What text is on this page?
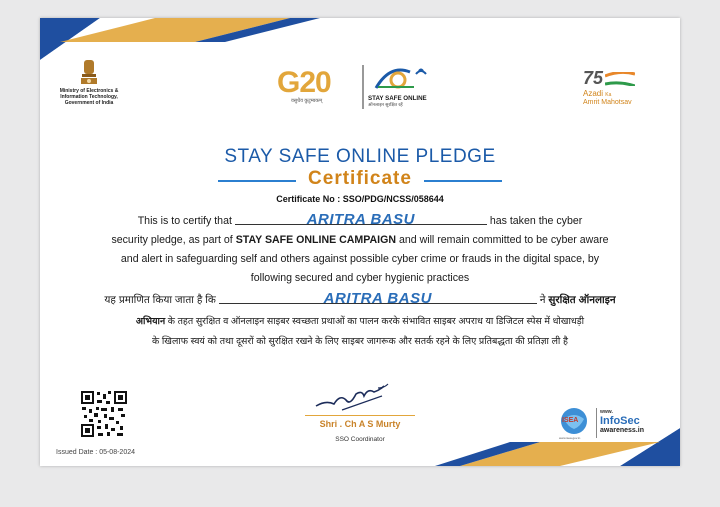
Ministry of Electronics &
Information Technology,
Government of India
G20
वसुधैव कुटुम्बकम्	STAY SAFE ONLINE
ऑनलाइन सुरक्षित रहें
75
Azadi Ka
Amrit Mahotsav
STAY SAFE ONLINE PLEDGE
Certificate
Certificate No : SSO/PDG/NCSS/058644
This is to certify that	ARITRA BASU	has taken the cyber
security pledge, as part of STAY SAFE ONLINE CAMPAIGN and will remain committed to be cyber aware
and alert in safeguarding self and others against possible cyber crime or frauds in the digital space, by
following secured and cyber hygienic practices
यह प्रमाणित किया जाता है कि	ARITRA BASU	ने सुरक्षित ऑनलाइन
अभियान के तहत सुरक्षित व ऑनलाइन साइबर स्वच्छता प्रथाओं का पालन करके संभावित साइबर अपराध या डिजिटल स्पेस में धोखाधड़ी
के खिलाफ स्वयं को तथा दूसरों को सुरक्षित रखने के लिए साइबर जागरूक और सतर्क रहने के लिए प्रतिबद्धता की प्रतिज्ञा ली है
Issued Date : 05-08-2024
Shri . Ch A S Murty
SSO Coordinator
ISEA
www.isea.gov.in
www.
InfoSec
awareness.in
